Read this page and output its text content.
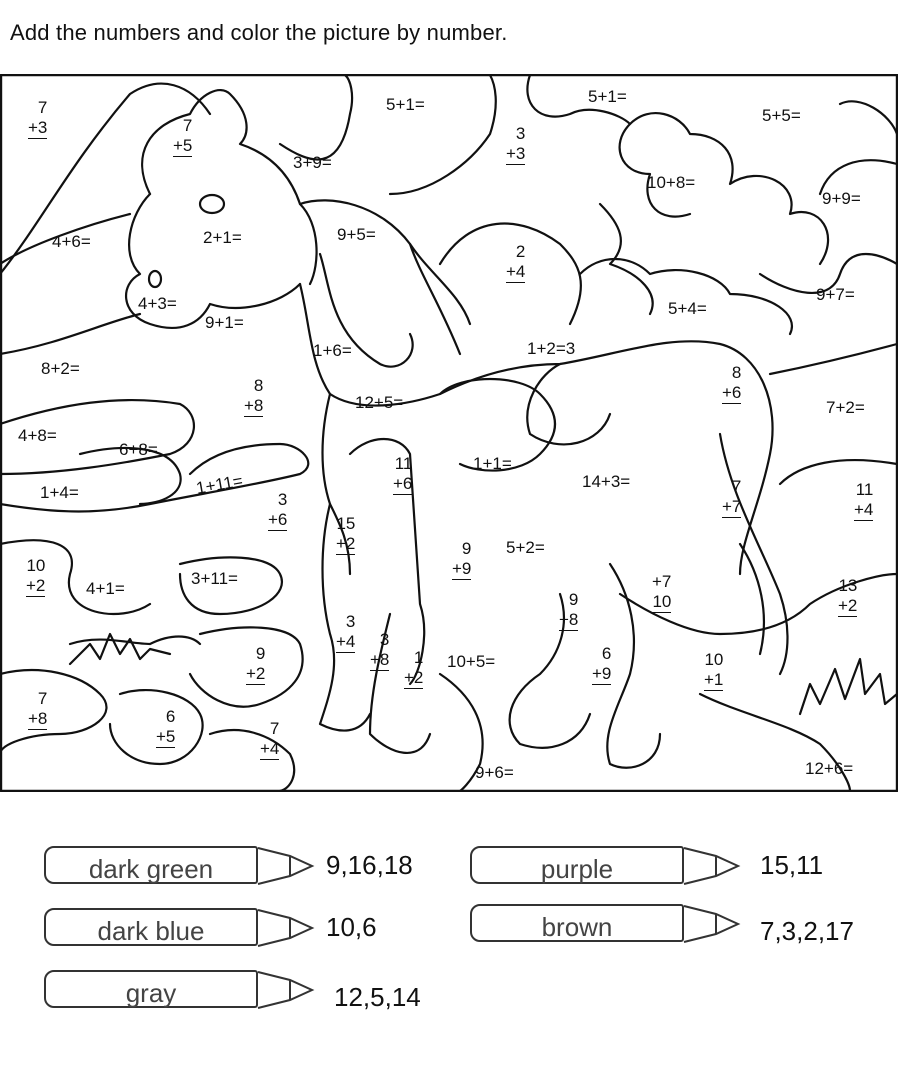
Add the numbers and color the picture by number.
5+1=	5+1=
5+5=
3+9=
10+8=
9+9=
4+6=	2+1=	9+5=
9+7=
4+3=
9+1=
5+4=
1+6=	1+2=3
8+2=
12+5=	7+2=
4+8=
6+8=
1+1=
1+4=	1+11=	14+3=
5+2=
4+1=
3+11=
10+5=
9+6=	12+6=
7
+3	7
+5
3
+3
2
+4
8
+8
8
+6
11
+6
3
+6
7
+7
11
+4
15
+2	9
+9
10
+2	+7
10
13
+2
9
+8
3
+4	3
+8	1
+2
9
+2
6
+9
10
+1
7
+8	6
+5	7
+4
dark green	9,16,18	purple	15,11
dark blue	10,6	brown	7,3,2,17
gray	12,5,14
